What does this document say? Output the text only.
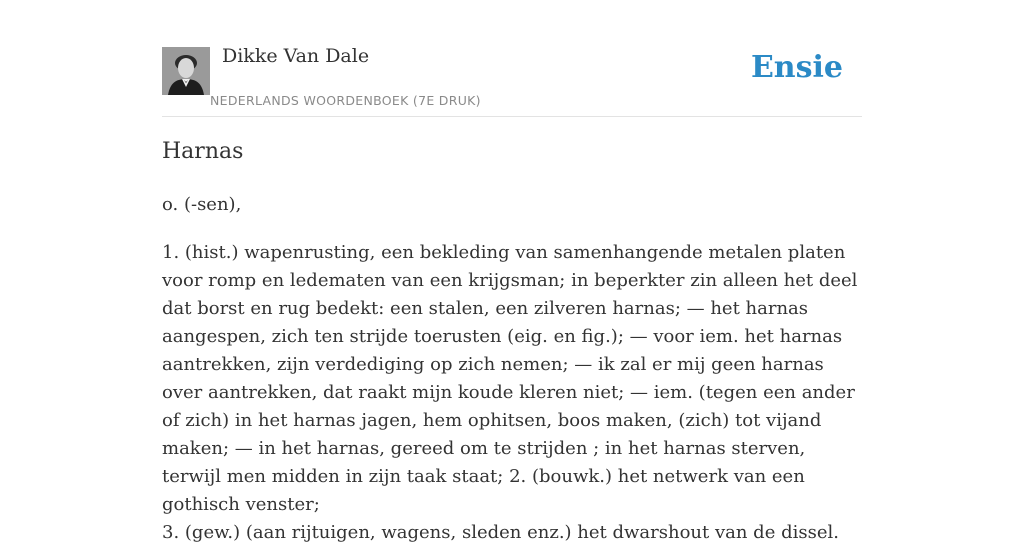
Dikke Van Dale
NEDERLANDS WOORDENBOEK (7E DRUK)
Ensie
Harnas

o. (-sen),

1. (hist.) wapenrusting, een bekleding van samenhangende metalen platen voor romp en ledematen van een krijgsman; in beperkter zin alleen het deel dat borst en rug bedekt: een stalen, een zilveren harnas; — het harnas aangespen, zich ten strijde toerusten (eig. en fig.); — voor iem. het harnas aantrekken, zijn verdediging op zich nemen; — ik zal er mij geen harnas over aantrekken, dat raakt mijn koude kleren niet; — iem. (tegen een ander of zich) in het harnas jagen, hem ophitsen, boos maken, (zich) tot vijand maken; — in het harnas, gereed om te strijden ; in het harnas sterven, terwijl men midden in zijn taak staat; 2. (bouwk.) het netwerk van een gothisch venster;
3. (gew.) (aan rijtuigen, wagens, sleden enz.) het dwarshout van de dissel.
